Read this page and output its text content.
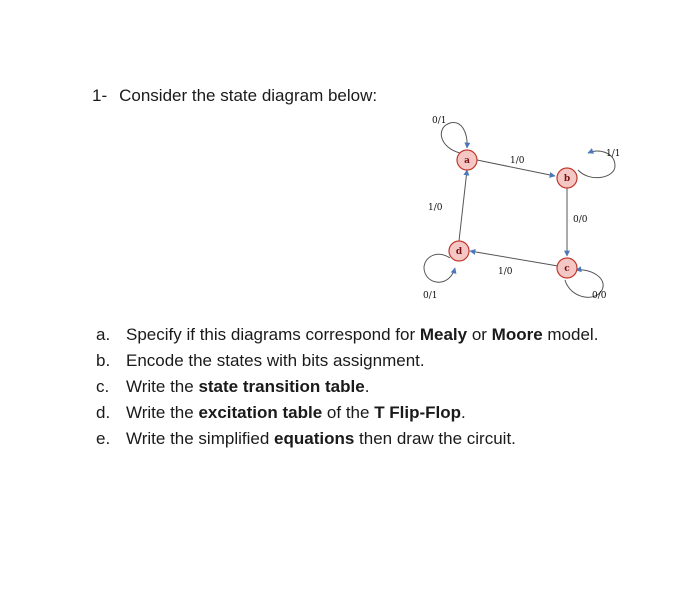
1- Consider the state diagram below:
a
b
c
d
0/1
1/0
1/1
0/0
0/0
1/0
1/0
0/1
a. Specify if this diagrams correspond for Mealy or Moore model.
b. Encode the states with bits assignment.
c. Write the state transition table.
d. Write the excitation table of the T Flip-Flop.
e. Write the simplified equations then draw the circuit.
